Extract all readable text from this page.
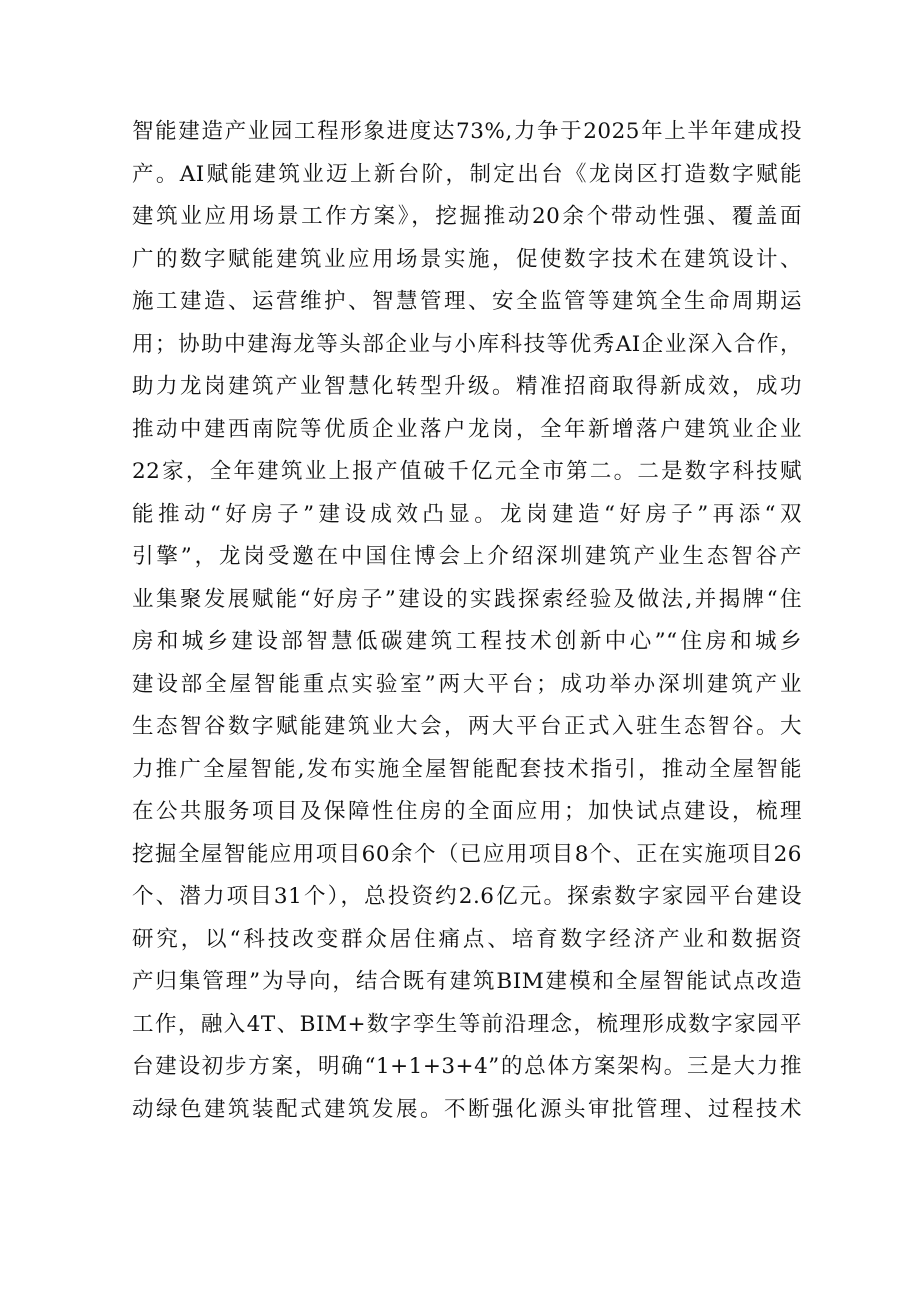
智能建造产业园工程形象进度达73%,力争于2025年上半年建成投
产。AI赋能建筑业迈上新台阶，制定出台《龙岗区打造数字赋能
建筑业应用场景工作方案》，挖掘推动20余个带动性强、覆盖面
广的数字赋能建筑业应用场景实施，促使数字技术在建筑设计、
施工建造、运营维护、智慧管理、安全监管等建筑全生命周期运
用；协助中建海龙等头部企业与小库科技等优秀AI企业深入合作，
助力龙岗建筑产业智慧化转型升级。精准招商取得新成效，成功
推动中建西南院等优质企业落户龙岗，全年新增落户建筑业企业
22家，全年建筑业上报产值破千亿元全市第二。二是数字科技赋
能推动“好房子”建设成效凸显。龙岗建造“好房子”再添“双
引擎”，龙岗受邀在中国住博会上介绍深圳建筑产业生态智谷产
业集聚发展赋能“好房子”建设的实践探索经验及做法,并揭牌“住
房和城乡建设部智慧低碳建筑工程技术创新中心”“住房和城乡
建设部全屋智能重点实验室”两大平台；成功举办深圳建筑产业
生态智谷数字赋能建筑业大会，两大平台正式入驻生态智谷。大
力推广全屋智能,发布实施全屋智能配套技术指引，推动全屋智能
在公共服务项目及保障性住房的全面应用；加快试点建设，梳理
挖掘全屋智能应用项目60余个（已应用项目8个、正在实施项目26
个、潜力项目31个），总投资约2.6亿元。探索数字家园平台建设
研究，以“科技改变群众居住痛点、培育数字经济产业和数据资
产归集管理”为导向，结合既有建筑BIM建模和全屋智能试点改造
工作，融入4T、BIM+数字孪生等前沿理念，梳理形成数字家园平
台建设初步方案，明确“1+1+3+4”的总体方案架构。三是大力推
动绿色建筑装配式建筑发展。不断强化源头审批管理、过程技术
